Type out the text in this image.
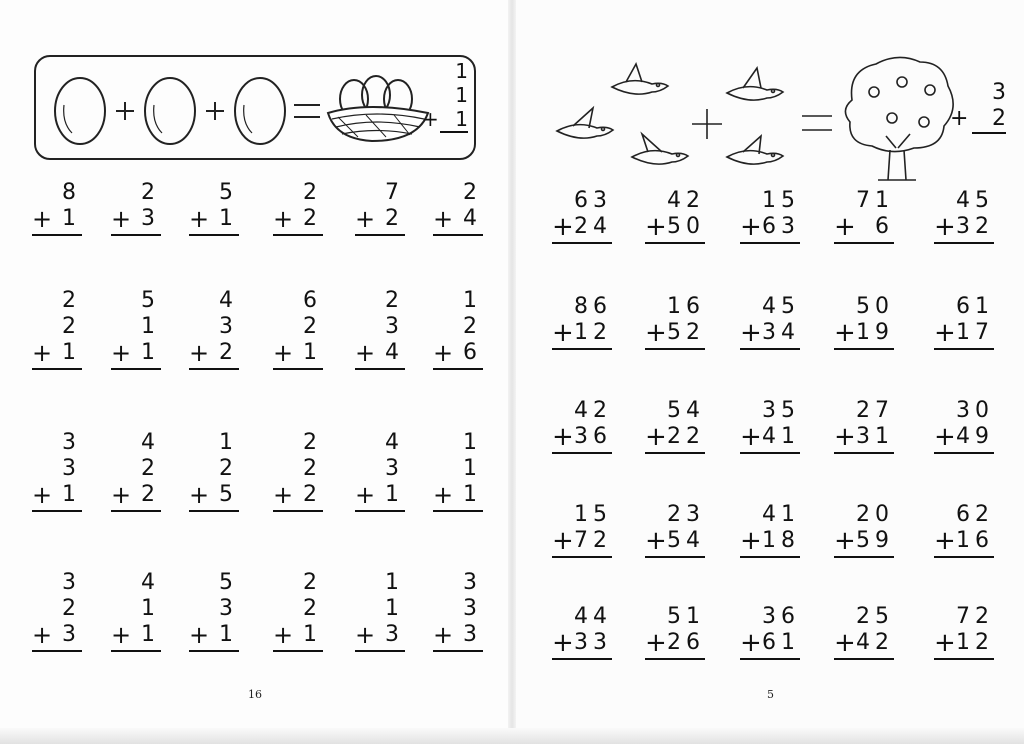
1
1
+ 1
8
+ 1
2
+ 3
5
+ 1
2
+ 2
7
+ 2
2
+ 4
2
2
+ 1
5
1
+ 1
4
3
+ 2
6
2
+ 1
2
3
+ 4
1
2
+ 6
3
3
+ 1
4
2
+ 2
1
2
+ 5
2
2
+ 2
4
3
+ 1
1
1
+ 1
3
2
+ 3
4
1
+ 1
5
3
+ 1
2
2
+ 1
1
1
+ 3
3
3
+ 3
16
3
+ 2
63
+
24
42
+
50
15
+
63
71
+ 6
45
+
32
86
+
12
16
+
52
45
+
34
50
+
19
61
+
17
42
+
36
54
+
22
35
+
41
27
+
31
30
+
49
15
+
72
23
+
54
41
+
18
20
+
59
62
+
16
44
+
33
51
+
26
36
+
61
25
+
42
72
+
12
5
